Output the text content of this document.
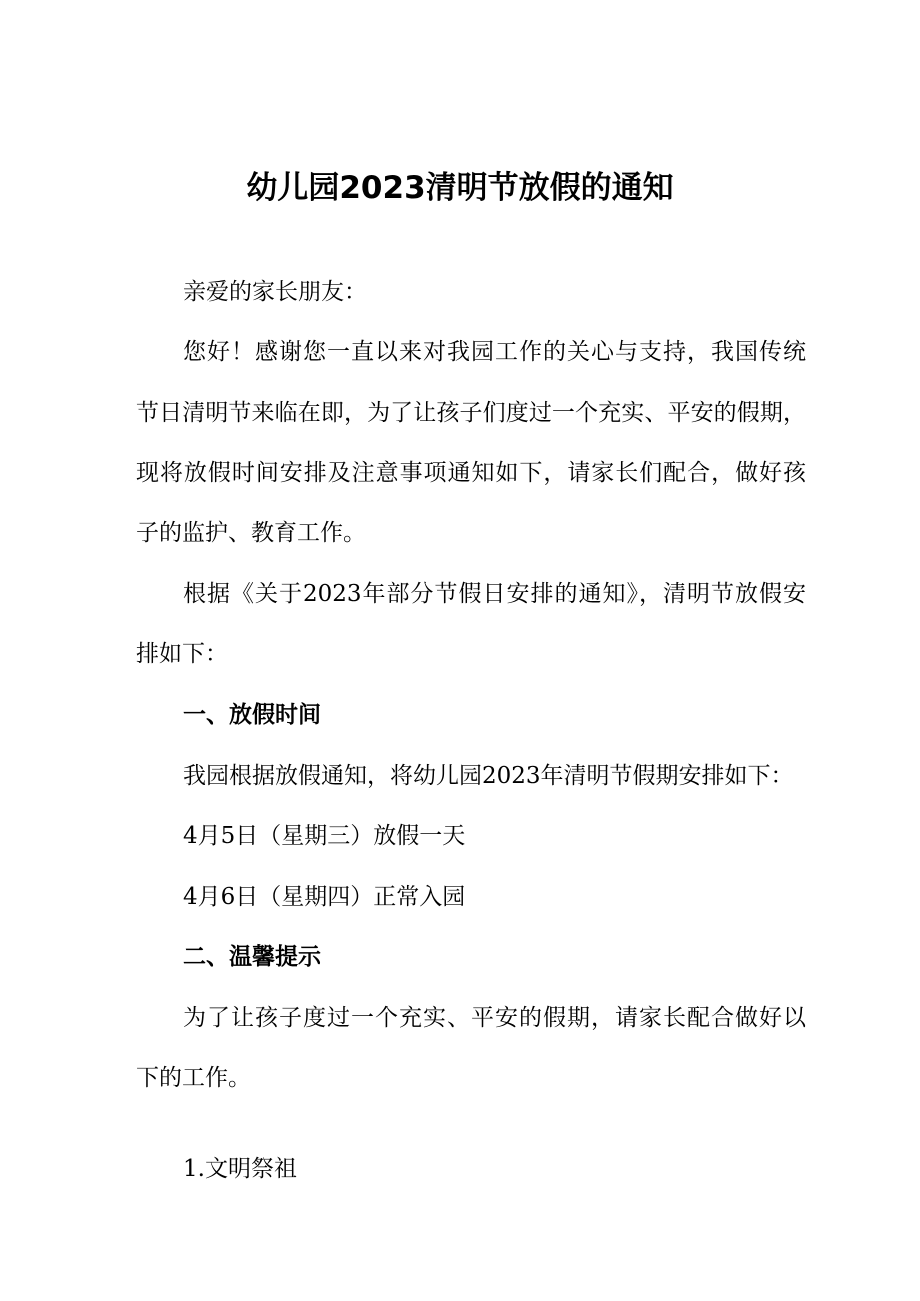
幼儿园2023清明节放假的通知

亲爱的家长朋友：

您好！感谢您一直以来对我园工作的关心与支持，我国传统

节日清明节来临在即，为了让孩子们度过一个充实、平安的假期，

现将放假时间安排及注意事项通知如下，请家长们配合，做好孩

子的监护、教育工作。

根据《关于2023年部分节假日安排的通知》，清明节放假安

排如下：

一、放假时间

我园根据放假通知，将幼儿园2023年清明节假期安排如下：

4月5日（星期三）放假一天

4月6日（星期四）正常入园

二、温馨提示

为了让孩子度过一个充实、平安的假期，请家长配合做好以

下的工作。

1.文明祭祖
